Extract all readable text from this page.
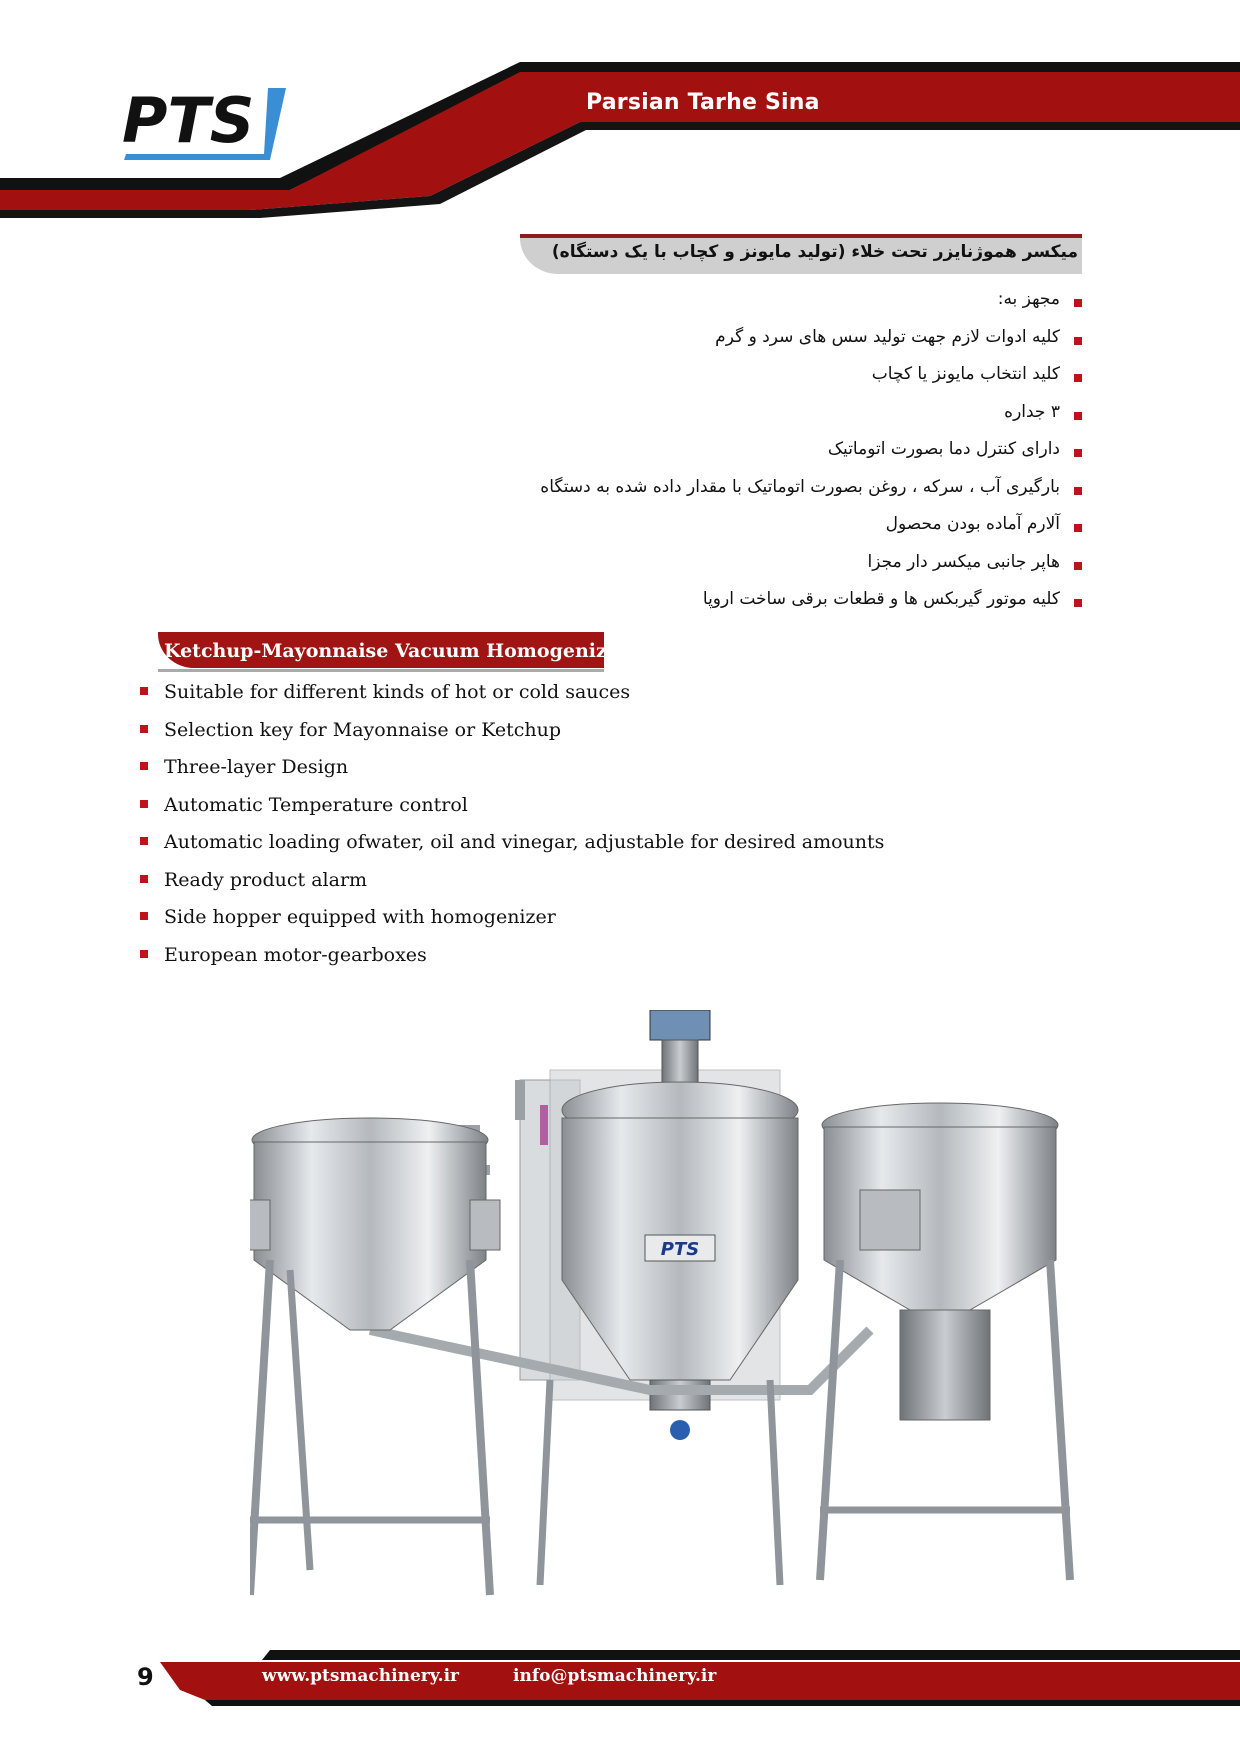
PTS	Parsian Tarhe Sina
میکسر هموژنایزر تحت خلاء (تولید مایونز و کچاب با یک دستگاه)
مجهز به:
کلیه ادوات لازم جهت تولید سس های سرد و گرم
کلید انتخاب مایونز یا کچاب
۳ جداره
دارای کنترل دما بصورت اتوماتیک
بارگیری آب ، سرکه ، روغن بصورت اتوماتیک با مقدار داده شده به دستگاه
آلارم آماده بودن محصول
هاپر جانبی میکسر دار مجزا
کلیه موتور گیربکس ها و قطعات برقی ساخت اروپا
Ketchup-Mayonnaise Vacuum Homogenizer
Suitable for different kinds of hot or cold sauces
Selection key for Mayonnaise or Ketchup
Three-layer Design
Automatic Temperature control
Automatic loading ofwater, oil and vinegar, adjustable for desired amounts
Ready product alarm
Side hopper equipped with homogenizer
European motor-gearboxes
PTS
9	www.ptsmachinery.ir	info@ptsmachinery.ir
